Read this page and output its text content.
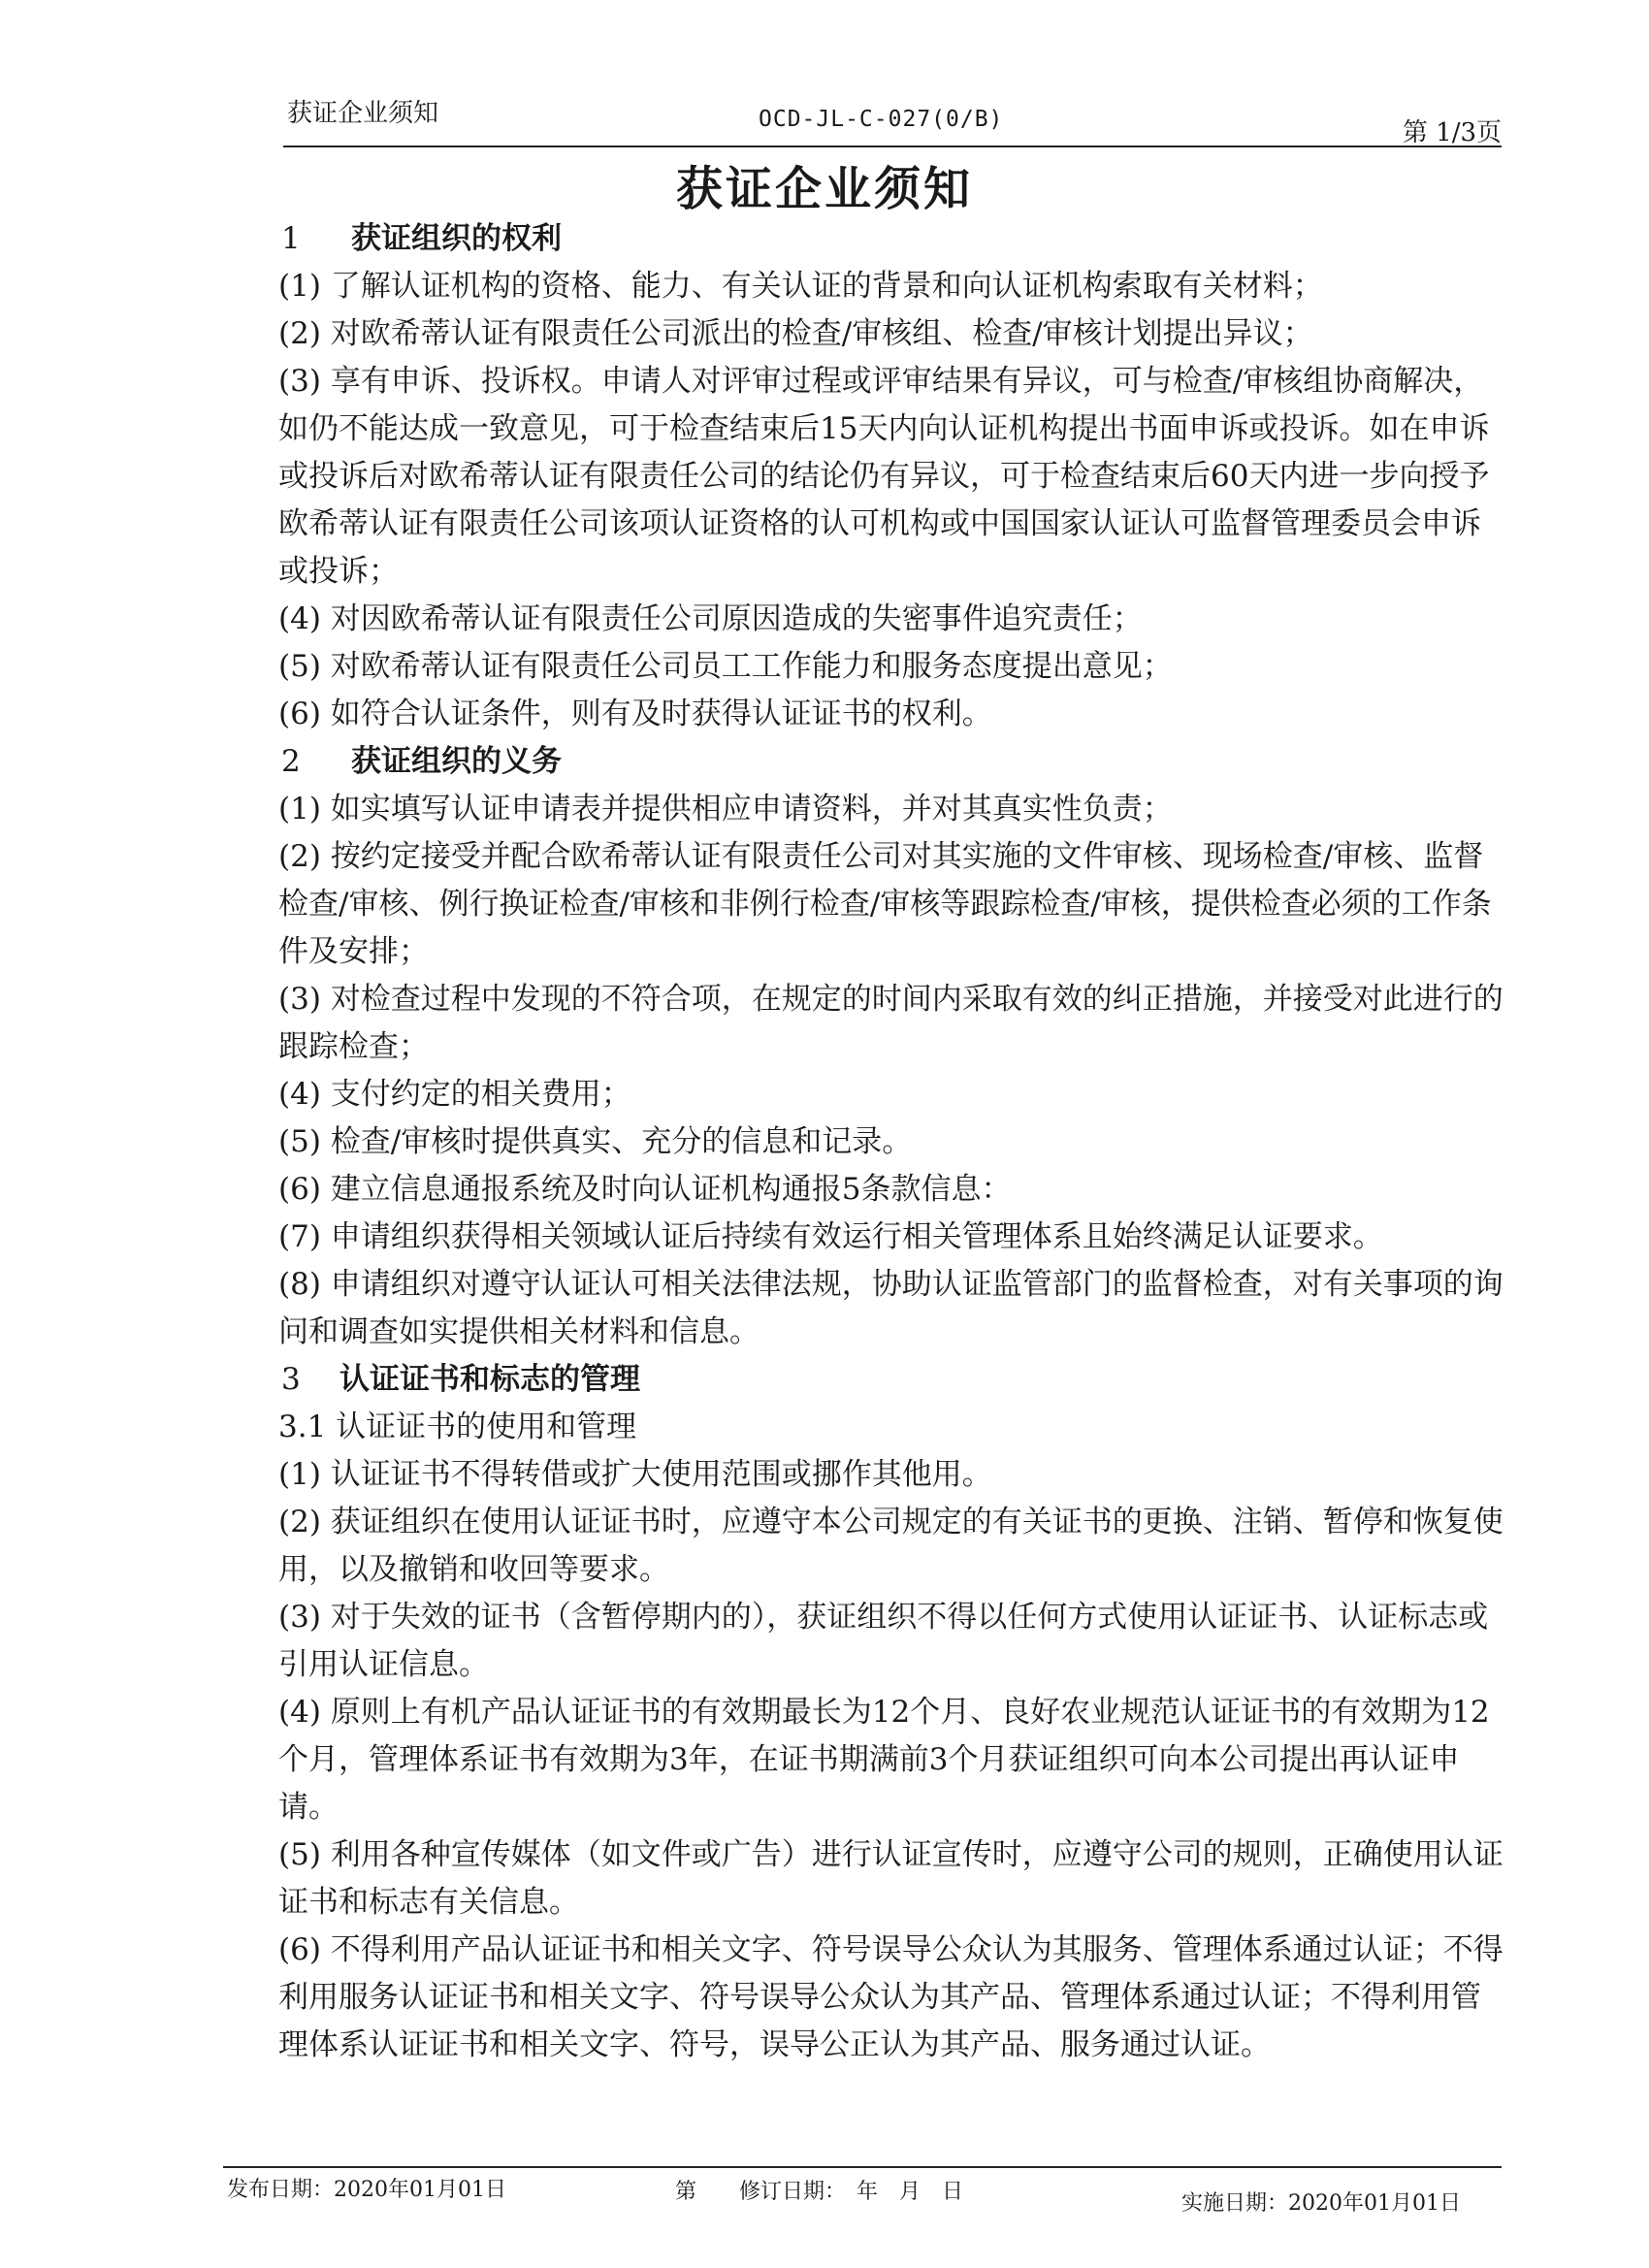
获证企业须知	OCD-JL-C-027(0/B)	第 1/3页
获证企业须知

1 获证组织的权利

(1) 了解认证机构的资格、能力、有关认证的背景和向认证机构索取有关材料；

(2) 对欧希蒂认证有限责任公司派出的检查/审核组、检查/审核计划提出异议；

(3) 享有申诉、投诉权。申请人对评审过程或评审结果有异议，可与检查/审核组协商解决，如仍不能达成一致意见，可于检查结束后15天内向认证机构提出书面申诉或投诉。如在申诉或投诉后对欧希蒂认证有限责任公司的结论仍有异议，可于检查结束后60天内进一步向授予欧希蒂认证有限责任公司该项认证资格的认可机构或中国国家认证认可监督管理委员会申诉或投诉；

(4) 对因欧希蒂认证有限责任公司原因造成的失密事件追究责任；

(5) 对欧希蒂认证有限责任公司员工工作能力和服务态度提出意见；

(6) 如符合认证条件，则有及时获得认证证书的权利。

2 获证组织的义务

(1) 如实填写认证申请表并提供相应申请资料，并对其真实性负责；

(2) 按约定接受并配合欧希蒂认证有限责任公司对其实施的文件审核、现场检查/审核、监督检查/审核、例行换证检查/审核和非例行检查/审核等跟踪检查/审核，提供检查必须的工作条件及安排；

(3) 对检查过程中发现的不符合项，在规定的时间内采取有效的纠正措施，并接受对此进行的跟踪检查；

(4) 支付约定的相关费用；

(5) 检查/审核时提供真实、充分的信息和记录。

(6) 建立信息通报系统及时向认证机构通报5条款信息：

(7) 申请组织获得相关领域认证后持续有效运行相关管理体系且始终满足认证要求。

(8) 申请组织对遵守认证认可相关法律法规，协助认证监管部门的监督检查，对有关事项的询问和调查如实提供相关材料和信息。

3 认证证书和标志的管理

3.1 认证证书的使用和管理

(1) 认证证书不得转借或扩大使用范围或挪作其他用。

(2) 获证组织在使用认证证书时，应遵守本公司规定的有关证书的更换、注销、暂停和恢复使用，以及撤销和收回等要求。

(3) 对于失效的证书（含暂停期内的），获证组织不得以任何方式使用认证证书、认证标志或引用认证信息。

(4) 原则上有机产品认证证书的有效期最长为12个月、良好农业规范认证证书的有效期为12个月，管理体系证书有效期为3年，在证书期满前3个月获证组织可向本公司提出再认证申请。

(5) 利用各种宣传媒体（如文件或广告）进行认证宣传时，应遵守公司的规则，正确使用认证证书和标志有关信息。

(6) 不得利用产品认证证书和相关文字、符号误导公众认为其服务、管理体系通过认证；不得利用服务认证证书和相关文字、符号误导公众认为其产品、管理体系通过认证；不得利用管理体系认证证书和相关文字、符号，误导公正认为其产品、服务通过认证。

发布日期：2020年01月01日	第 修订日期：　年　月　日	实施日期：2020年01月01日
